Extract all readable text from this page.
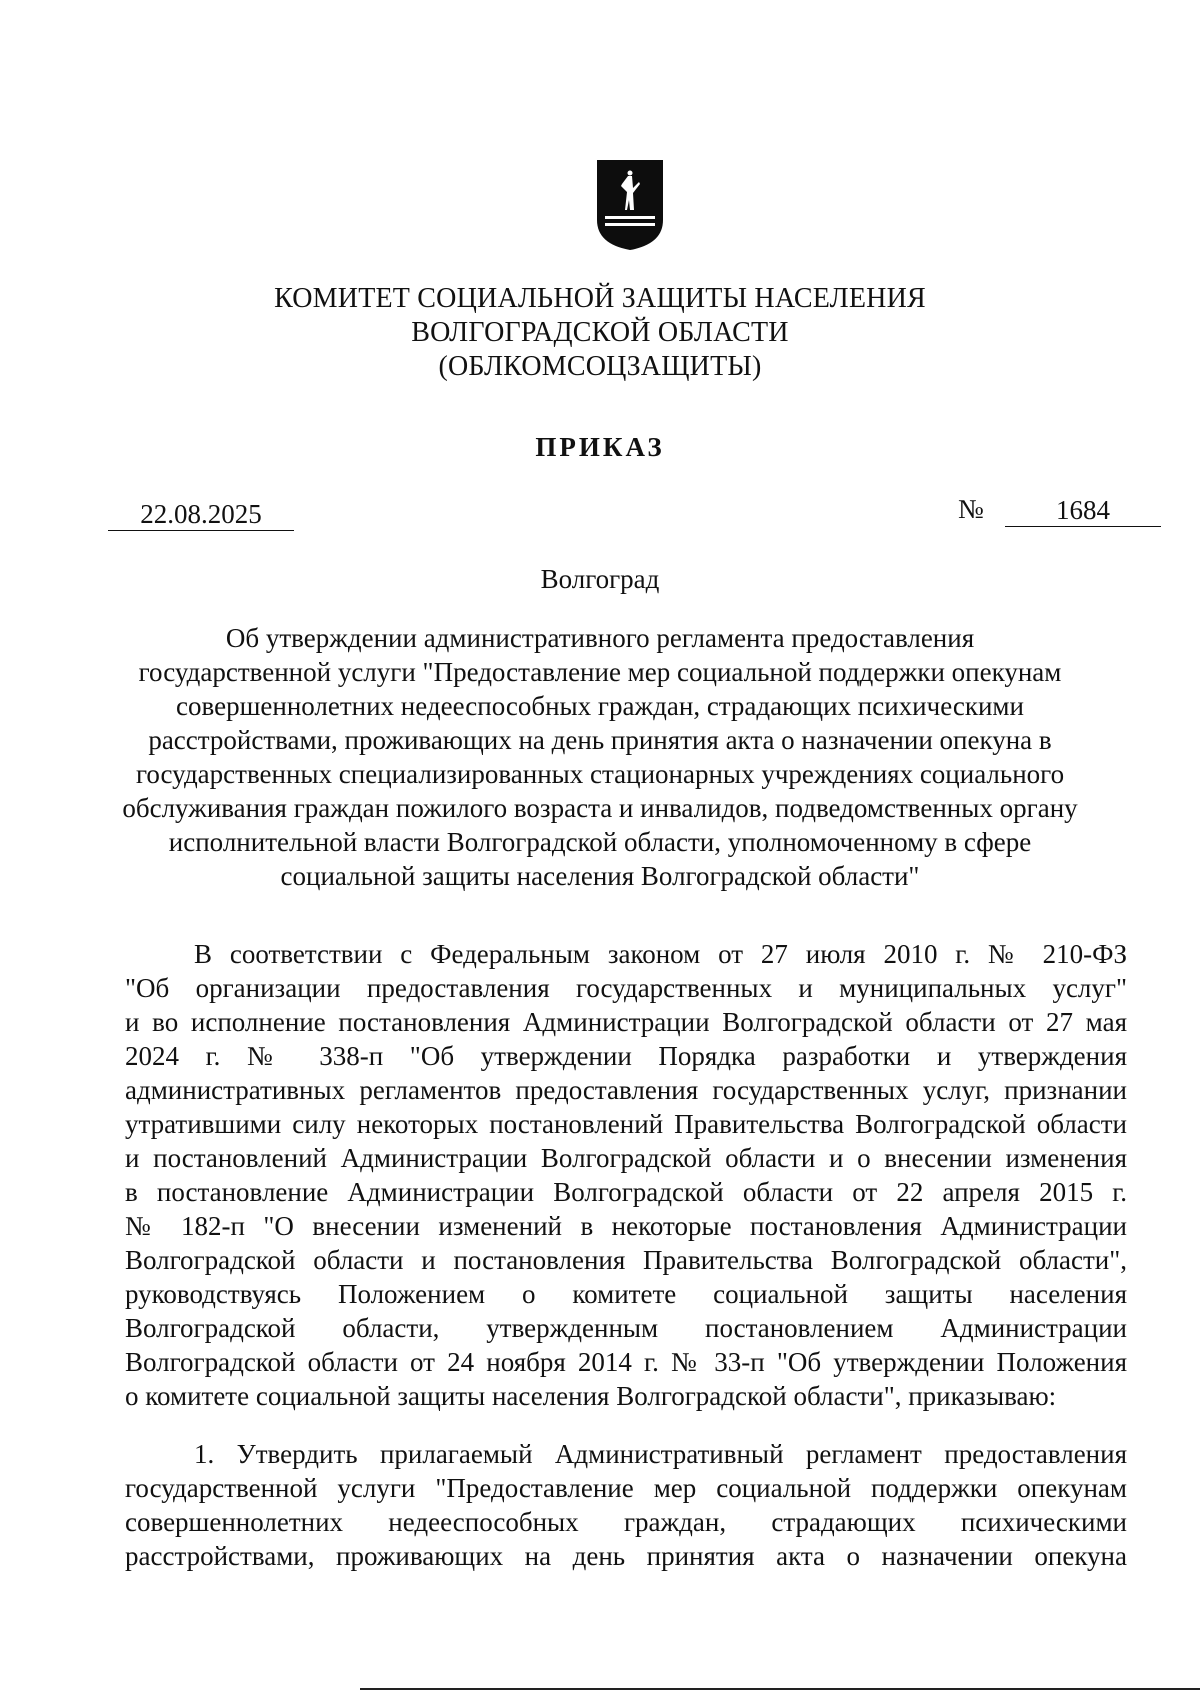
КОМИТЕТ СОЦИАЛЬНОЙ ЗАЩИТЫ НАСЕЛЕНИЯ
ВОЛГОГРАДСКОЙ ОБЛАСТИ
(ОБЛКОМСОЦЗАЩИТЫ)
ПРИКАЗ
22.08.2025	№	1684
Волгоград
Об утверждении административного регламента предоставления
государственной услуги "Предоставление мер социальной поддержки опекунам
совершеннолетних недееспособных граждан, страдающих психическими
расстройствами, проживающих на день принятия акта о назначении опекуна в
государственных специализированных стационарных учреждениях социального
обслуживания граждан пожилого возраста и инвалидов, подведомственных органу
исполнительной власти Волгоградской области, уполномоченному в сфере
социальной защиты населения Волгоградской области"
В соответствии с Федеральным законом от 27 июля 2010 г. № 210-ФЗ
"Об организации предоставления государственных и муниципальных услуг"
и во исполнение постановления Администрации Волгоградской области от 27 мая
2024 г. № 338-п "Об утверждении Порядка разработки и утверждения
административных регламентов предоставления государственных услуг, признании
утратившими силу некоторых постановлений Правительства Волгоградской области
и постановлений Администрации Волгоградской области и о внесении изменения
в постановление Администрации Волгоградской области от 22 апреля 2015 г.
№ 182-п "О внесении изменений в некоторые постановления Администрации
Волгоградской области и постановления Правительства Волгоградской области",
руководствуясь Положением о комитете социальной защиты населения
Волгоградской области, утвержденным постановлением Администрации
Волгоградской области от 24 ноября 2014 г. № 33-п "Об утверждении Положения
о комитете социальной защиты населения Волгоградской области", приказываю:
1. Утвердить прилагаемый Административный регламент предоставления
государственной услуги "Предоставление мер социальной поддержки опекунам
совершеннолетних недееспособных граждан, страдающих психическими
расстройствами, проживающих на день принятия акта о назначении опекуна
